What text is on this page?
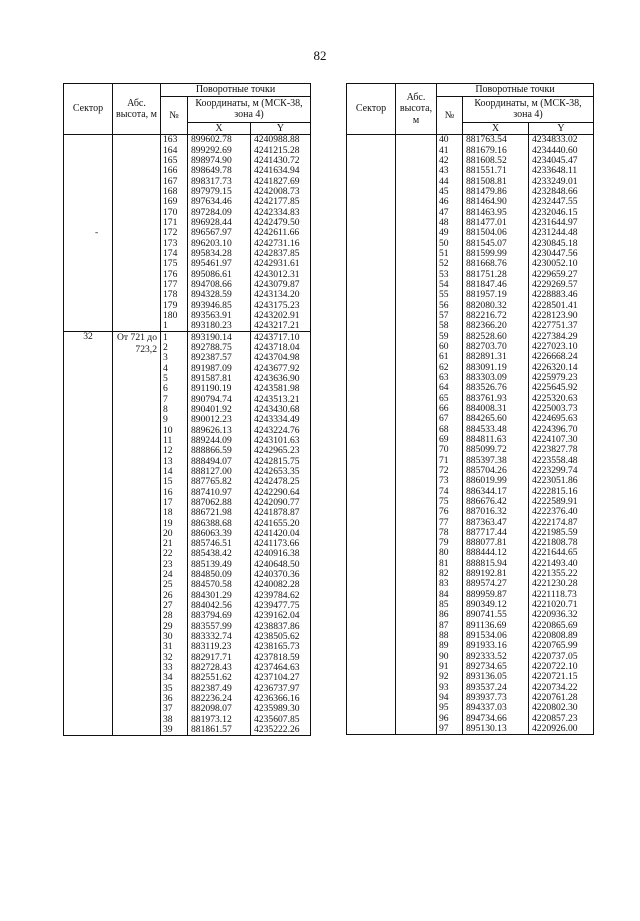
82
Сектор	Абс. высота, м	Поворотные точки		
		№	Координаты, м (МСК-38, зона 4)	
			X	Y
-		163	899602.78	4240988.88
		164	899292.69	4241215.28
		165	898974.90	4241430.72
		166	898649.78	4241634.94
		167	898317.73	4241827.69
		168	897979.15	4242008.73
		169	897634.46	4242177.85
		170	897284.09	4242334.83
		171	896928.44	4242479.50
		172	896567.97	4242611.66
		173	896203.10	4242731.16
		174	895834.28	4242837.85
		175	895461.97	4242931.61
		176	895086.61	4243012.31
		177	894708.66	4243079.87
		178	894328.59	4243134.20
		179	893946.85	4243175.23
		180	893563.91	4243202.91
		1	893180.23	4243217.21
32	От 721 до 723,2	1	893190.14	4243717.10
		2	892788.75	4243718.04
		3	892387.57	4243704.98
		4	891987.09	4243677.92
		5	891587.81	4243636.90
		6	891190.19	4243581.98
		7	890794.74	4243513.21
		8	890401.92	4243430.68
		9	890012.23	4243334.49
		10	889626.13	4243224.76
		11	889244.09	4243101.63
		12	888866.59	4242965.23
		13	888494.07	4242815.75
		14	888127.00	4242653.35
		15	887765.82	4242478.25
		16	887410.97	4242290.64
		17	887062.88	4242090.77
		18	886721.98	4241878.87
		19	886388.68	4241655.20
		20	886063.39	4241420.04
		21	885746.51	4241173.66
		22	885438.42	4240916.38
		23	885139.49	4240648.50
		24	884850.09	4240370.36
		25	884570.58	4240082.28
		26	884301.29	4239784.62
		27	884042.56	4239477.75
		28	883794.69	4239162.04
		29	883557.99	4238837.86
		30	883332.74	4238505.62
		31	883119.23	4238165.73
		32	882917.71	4237818.59
		33	882728.43	4237464.63
		34	882551.62	4237104.27
		35	882387.49	4236737.97
		36	882236.24	4236366.16
		37	882098.07	4235989.30
		38	881973.12	4235607.85
		39	881861.57	4235222.26
Сектор	Абс. высота, м	Поворотные точки		
		№	Координаты, м (МСК-38, зона 4)	
			X	Y
		40	881763.54	4234833.02
		41	881679.16	4234440.60
		42	881608.52	4234045.47
		43	881551.71	4233648.11
		44	881508.81	4233249.01
		45	881479.86	4232848.66
		46	881464.90	4232447.55
		47	881463.95	4232046.15
		48	881477.01	4231644.97
		49	881504.06	4231244.48
		50	881545.07	4230845.18
		51	881599.99	4230447.56
		52	881668.76	4230052.10
		53	881751.28	4229659.27
		54	881847.46	4229269.57
		55	881957.19	4228883.46
		56	882080.32	4228501.41
		57	882216.72	4228123.90
		58	882366.20	4227751.37
		59	882528.60	4227384.29
		60	882703.70	4227023.10
		61	882891.31	4226668.24
		62	883091.19	4226320.14
		63	883303.09	4225979.23
		64	883526.76	4225645.92
		65	883761.93	4225320.63
		66	884008.31	4225003.73
		67	884265.60	4224695.63
		68	884533.48	4224396.70
		69	884811.63	4224107.30
		70	885099.72	4223827.78
		71	885397.38	4223558.48
		72	885704.26	4223299.74
		73	886019.99	4223051.86
		74	886344.17	4222815.16
		75	886676.42	4222589.91
		76	887016.32	4222376.40
		77	887363.47	4222174.87
		78	887717.44	4221985.59
		79	888077.81	4221808.78
		80	888444.12	4221644.65
		81	888815.94	4221493.40
		82	889192.81	4221355.22
		83	889574.27	4221230.28
		84	889959.87	4221118.73
		85	890349.12	4221020.71
		86	890741.55	4220936.32
		87	891136.69	4220865.69
		88	891534.06	4220808.89
		89	891933.16	4220765.99
		90	892333.52	4220737.05
		91	892734.65	4220722.10
		92	893136.05	4220721.15
		93	893537.24	4220734.22
		94	893937.73	4220761.28
		95	894337.03	4220802.30
		96	894734.66	4220857.23
		97	895130.13	4220926.00
